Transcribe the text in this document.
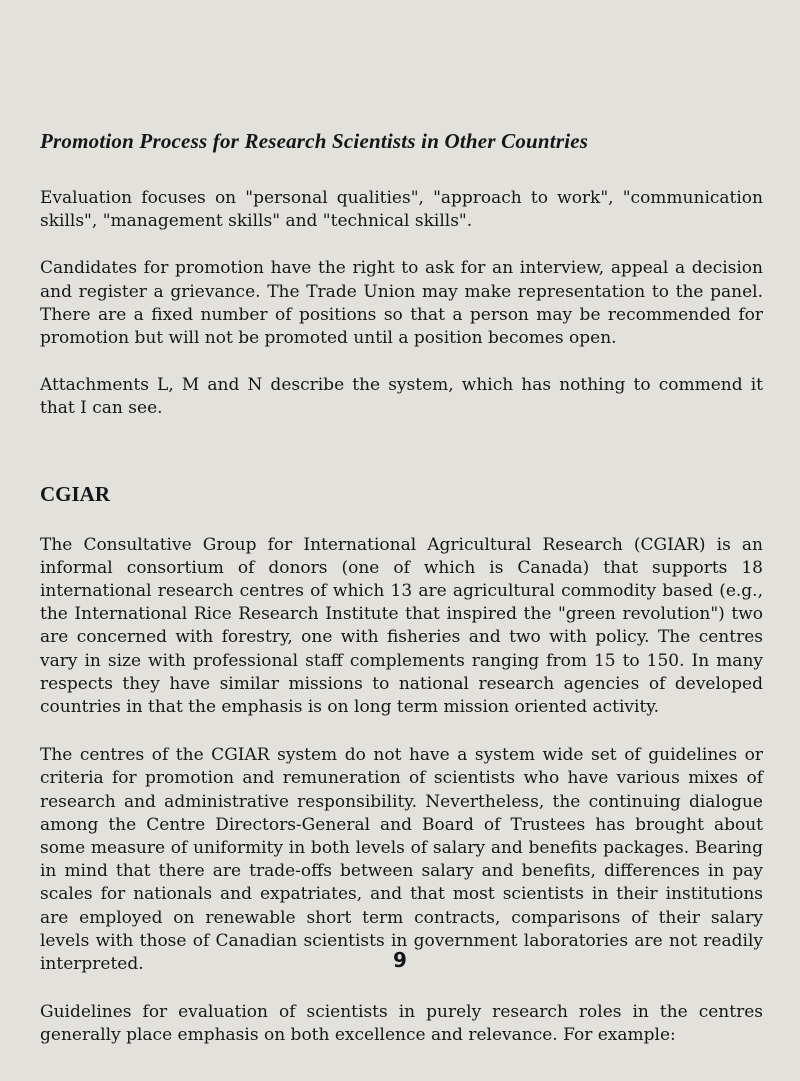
Promotion Process for Research Scientists in Other Countries

Evaluation focuses on "personal qualities", "approach to work", "communication skills", "management skills" and "technical skills".

Candidates for promotion have the right to ask for an interview, appeal a decision and register a grievance. The Trade Union may make representation to the panel. There are a fixed number of positions so that a person may be recommended for promotion but will not be promoted until a position becomes open.

Attachments L, M and N describe the system, which has nothing to commend it that I can see.

CGIAR

The Consultative Group for International Agricultural Research (CGIAR) is an informal consortium of donors (one of which is Canada) that supports 18 international research centres of which 13 are agricultural commodity based (e.g., the International Rice Research Institute that inspired the "green revolution") two are concerned with forestry, one with fisheries and two with policy. The centres vary in size with professional staff complements ranging from 15 to 150. In many respects they have similar missions to national research agencies of developed countries in that the emphasis is on long term mission oriented activity.

The centres of the CGIAR system do not have a system wide set of guidelines or criteria for promotion and remuneration of scientists who have various mixes of research and administrative responsibility. Nevertheless, the continuing dialogue among the Centre Directors-General and Board of Trustees has brought about some measure of uniformity in both levels of salary and benefits packages. Bearing in mind that there are trade-offs between salary and benefits, differences in pay scales for nationals and expatriates, and that most scientists in their institutions are employed on renewable short term contracts, comparisons of their salary levels with those of Canadian scientists in government laboratories are not readily interpreted.

Guidelines for evaluation of scientists in purely research roles in the centres generally place emphasis on both excellence and relevance. For example:

9
